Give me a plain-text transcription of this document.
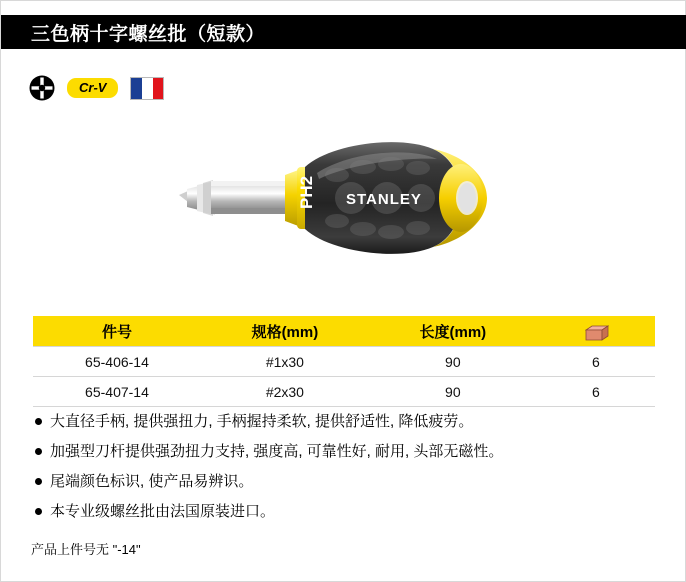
三色柄十字螺丝批（短款）
Cr-V
PH2 STANLEY
件号	规格(mm)	长度(mm)	
65-406-14	#1x30	90	6
65-407-14	#2x30	90	6
大直径手柄, 提供强扭力, 手柄握持柔软, 提供舒适性, 降低疲劳。
加强型刀杆提供强劲扭力支持, 强度高, 可靠性好, 耐用, 头部无磁性。
尾端颜色标识, 使产品易辨识。
本专业级螺丝批由法国原装进口。
产品上件号无 "-14"
